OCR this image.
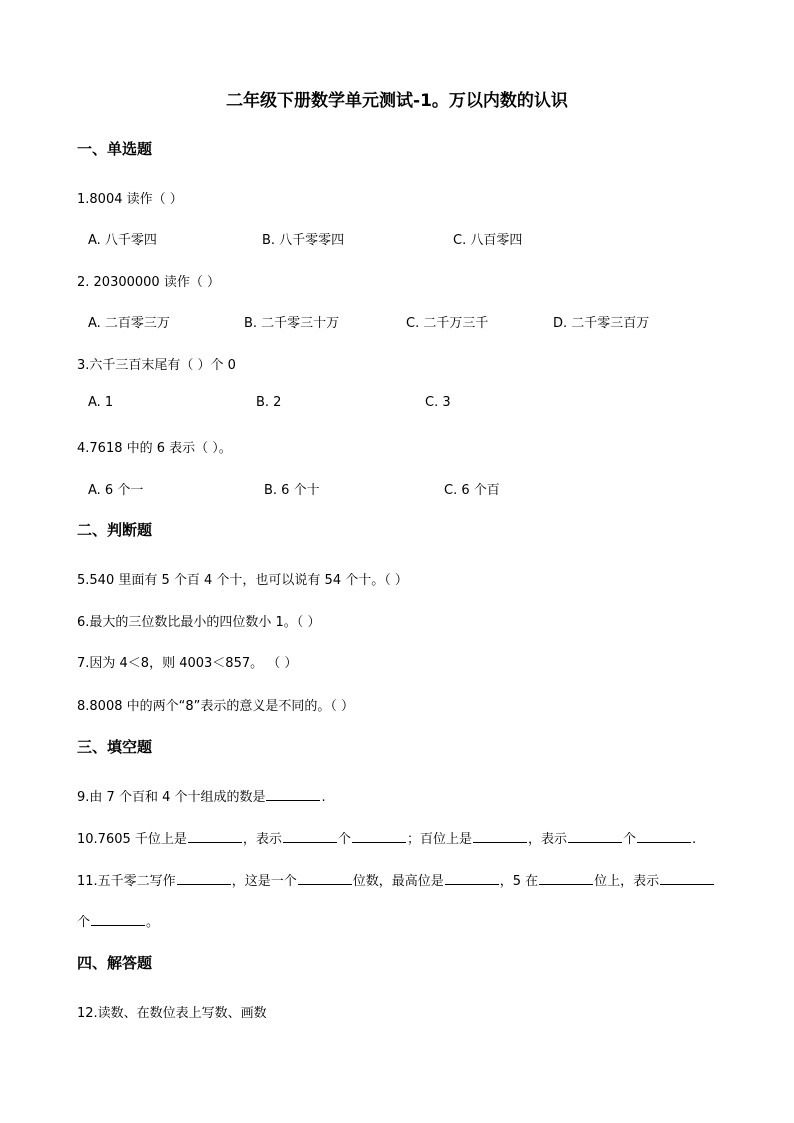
二年级下册数学单元测试-1。万以内数的认识
一、单选题
1.8004 读作（ ）
A. 八千零四	B. 八千零零四	C. 八百零四
2. 20300000 读作（ ）
A. 二百零三万	B. 二千零三十万	C. 二千万三千	D. 二千零三百万
3.六千三百末尾有（ ）个 0
A. 1	B. 2	C. 3
4.7618 中的 6 表示（ ）。
A. 6 个一	B. 6 个十	C. 6 个百
二、判断题
5.540 里面有 5 个百 4 个十，也可以说有 54 个十。（ ）
6.最大的三位数比最小的四位数小 1。（ ）
7.因为 4＜8，则 4003＜857。 （ ）
8.8008 中的两个“8”表示的意义是不同的。（ ）
三、填空题
9.由 7 个百和 4 个十组成的数是	.
10.7605 千位上是	，表示	个	；百位上是	，表示	个	.
11.五千零二写作	，这是一个	位数，最高位是	，5 在	位上，表示
个	。
四、解答题
12.读数、在数位表上写数、画数
